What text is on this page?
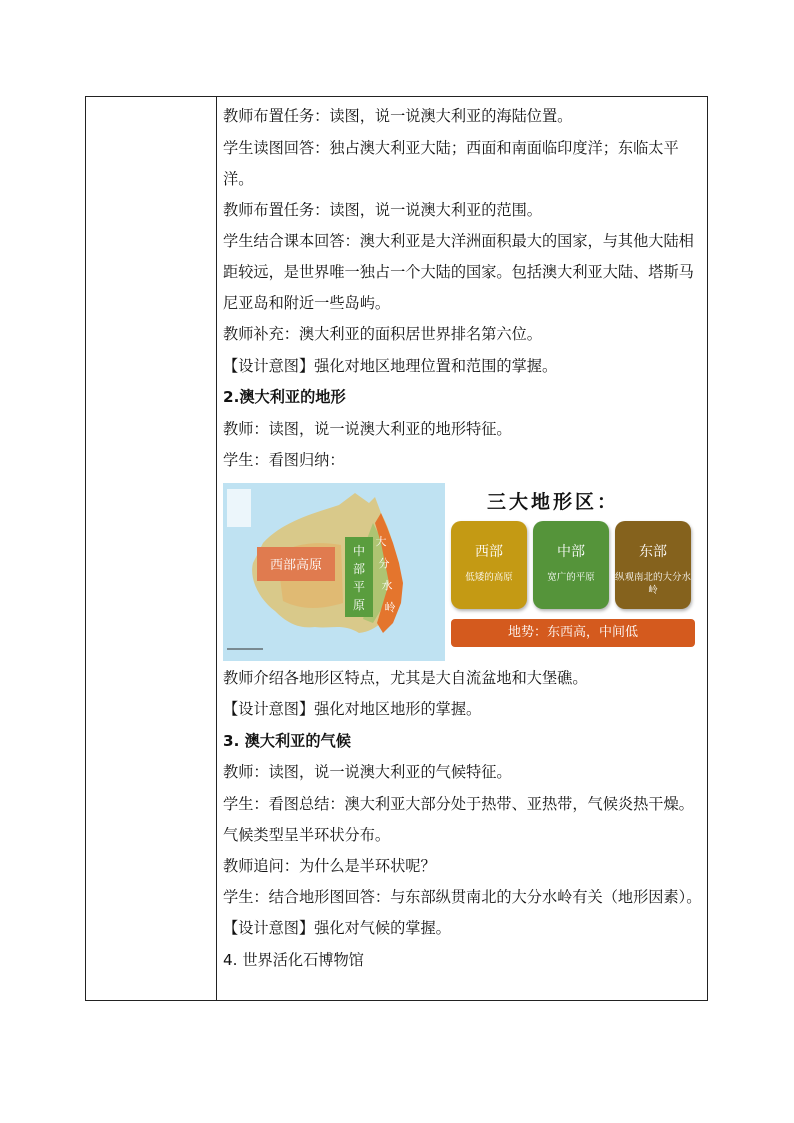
教师布置任务：读图，说一说澳大利亚的海陆位置。

学生读图回答：独占澳大利亚大陆；西面和南面临印度洋；东临太平洋。

教师布置任务：读图，说一说澳大利亚的范围。

学生结合课本回答：澳大利亚是大洋洲面积最大的国家，与其他大陆相距较远，是世界唯一独占一个大陆的国家。包括澳大利亚大陆、塔斯马尼亚岛和附近一些岛屿。

教师补充：澳大利亚的面积居世界排名第六位。

【设计意图】强化对地区地理位置和范围的掌握。

2.澳大利亚的地形

教师：读图，说一说澳大利亚的地形特征。

学生：看图归纳：

西部高原
中
部
平
原
大
分
水
岭
三大地形区：
西部
低矮的高原
中部
宽广的平原
东部
纵观南北的大分水岭
地势：东西高，中间低

教师介绍各地形区特点，尤其是大自流盆地和大堡礁。

【设计意图】强化对地区地形的掌握。

3. 澳大利亚的气候

教师：读图，说一说澳大利亚的气候特征。

学生：看图总结：澳大利亚大部分处于热带、亚热带，气候炎热干燥。气候类型呈半环状分布。

教师追问：为什么是半环状呢？

学生：结合地形图回答：与东部纵贯南北的大分水岭有关（地形因素）。

【设计意图】强化对气候的掌握。

4. 世界活化石博物馆
